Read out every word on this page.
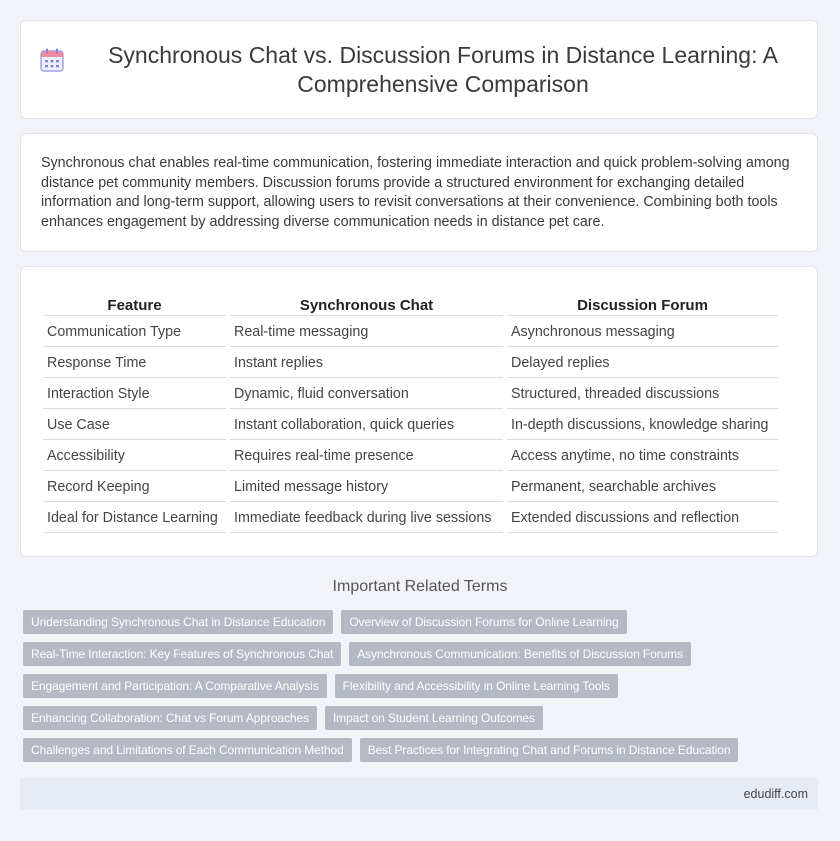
Synchronous Chat vs. Discussion Forums in Distance Learning: A Comprehensive Comparison

Synchronous chat enables real-time communication, fostering immediate interaction and quick problem-solving among distance pet community members. Discussion forums provide a structured environment for exchanging detailed information and long-term support, allowing users to revisit conversations at their convenience. Combining both tools enhances engagement by addressing diverse communication needs in distance pet care.

Feature	Synchronous Chat	Discussion Forum
Communication Type	Real-time messaging	Asynchronous messaging
Response Time	Instant replies	Delayed replies
Interaction Style	Dynamic, fluid conversation	Structured, threaded discussions
Use Case	Instant collaboration, quick queries	In-depth discussions, knowledge sharing
Accessibility	Requires real-time presence	Access anytime, no time constraints
Record Keeping	Limited message history	Permanent, searchable archives
Ideal for Distance Learning	Immediate feedback during live sessions	Extended discussions and reflection
Important Related Terms
Understanding Synchronous Chat in Distance Education	Overview of Discussion Forums for Online Learning
Real-Time Interaction: Key Features of Synchronous Chat	Asynchronous Communication: Benefits of Discussion Forums
Engagement and Participation: A Comparative Analysis	Flexibility and Accessibility in Online Learning Tools
Enhancing Collaboration: Chat vs Forum Approaches	Impact on Student Learning Outcomes
Challenges and Limitations of Each Communication Method	Best Practices for Integrating Chat and Forums in Distance Education
edudiff.com
